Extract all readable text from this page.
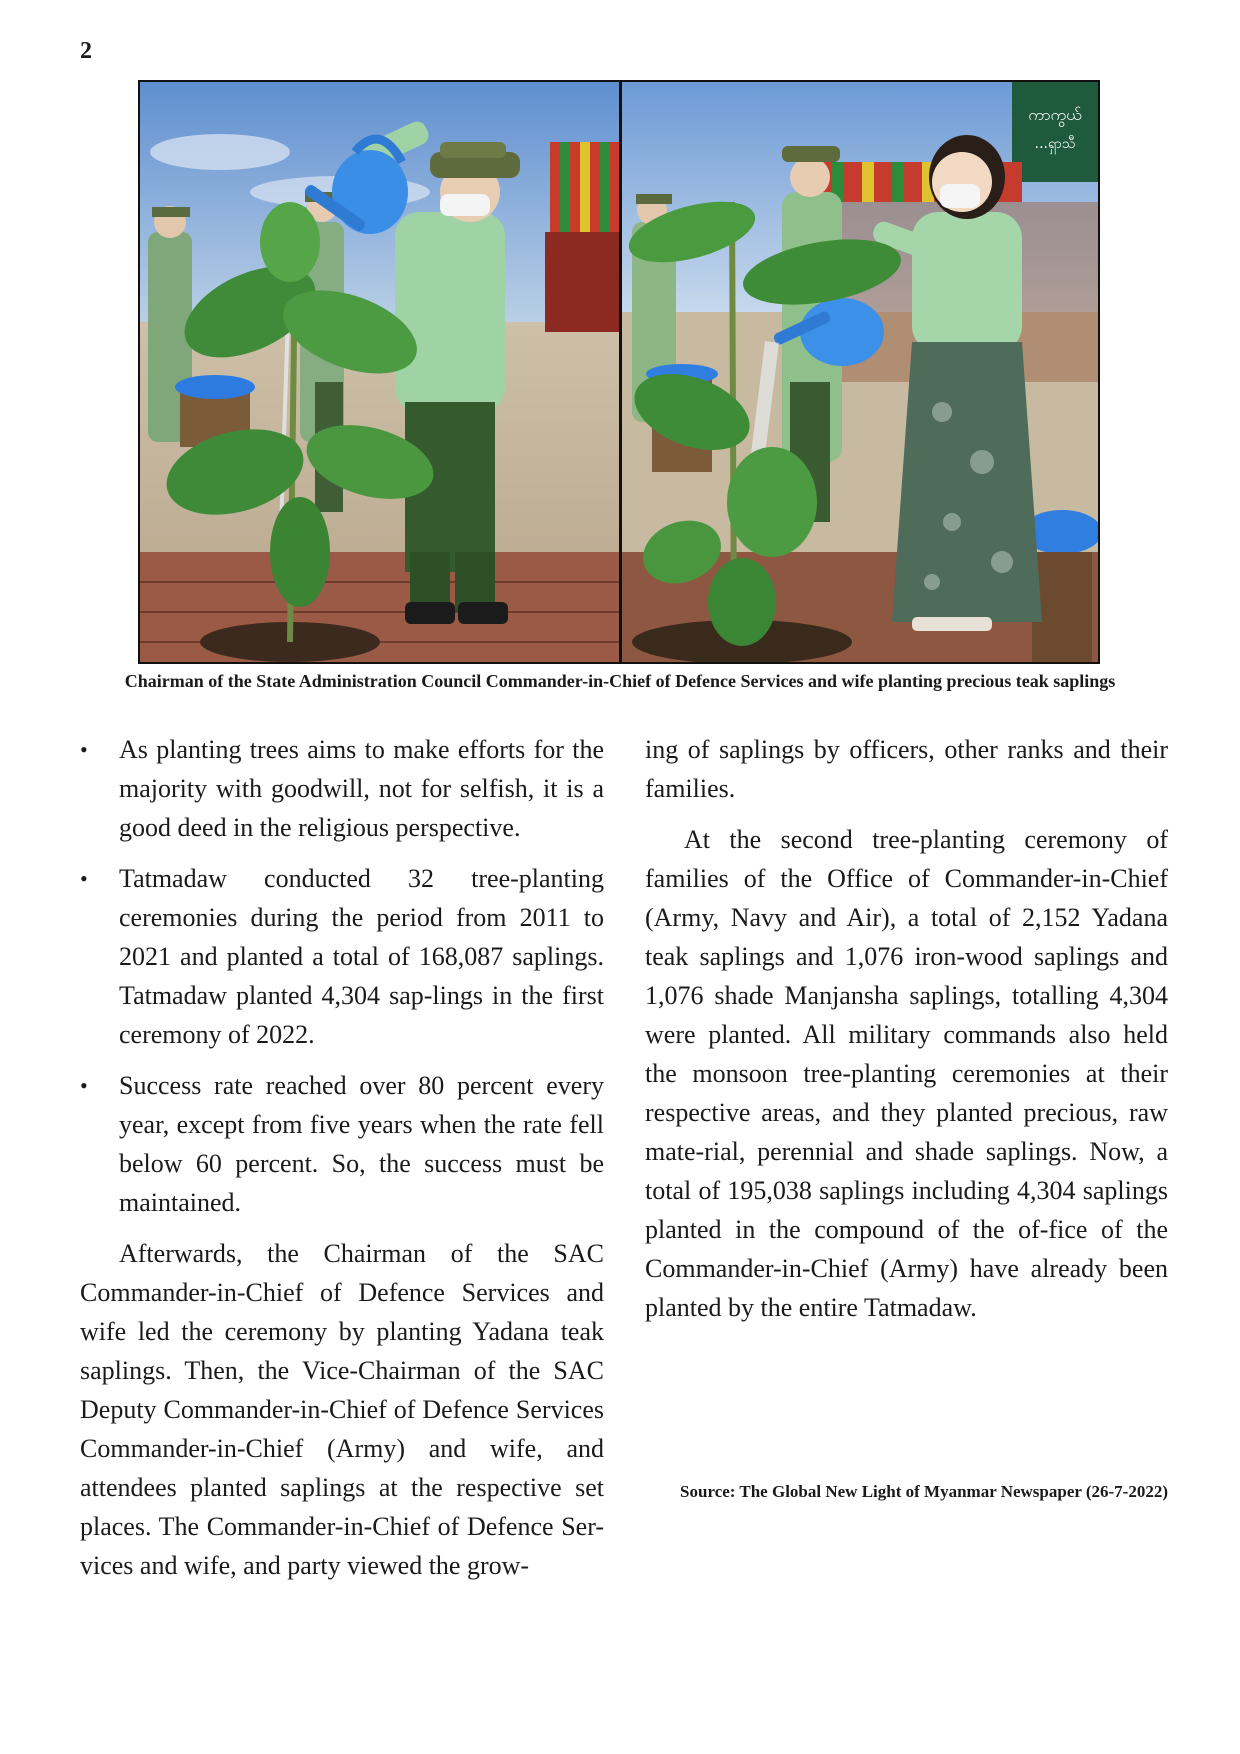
2
ကာကွယ်
...ရှာသီ
Chairman of the State Administration Council Commander-in-Chief of Defence Services and wife planting precious teak saplings
• As planting trees aims to make efforts for the majority with goodwill, not for selfish, it is a good deed in the religious perspective.
• Tatmadaw conducted 32 tree-planting ceremonies during the period from 2011 to 2021 and planted a total of 168,087 saplings. Tatmadaw planted 4,304 sap-lings in the first ceremony of 2022.
• Success rate reached over 80 percent every year, except from five years when the rate fell below 60 percent. So, the success must be maintained.

Afterwards, the Chairman of the SAC Commander-in-Chief of Defence Services and wife led the ceremony by planting Yadana teak saplings. Then, the Vice-Chairman of the SAC Deputy Commander-in-Chief of Defence Services Commander-in-Chief (Army) and wife, and attendees planted saplings at the respective set places. The Commander-in-Chief of Defence Ser-vices and wife, and party viewed the grow-

ing of saplings by officers, other ranks and their families.

At the second tree-planting ceremony of families of the Office of Commander-in-Chief (Army, Navy and Air), a total of 2,152 Yadana teak saplings and 1,076 iron-wood saplings and 1,076 shade Manjansha saplings, totalling 4,304 were planted. All military commands also held the monsoon tree-planting ceremonies at their respective areas, and they planted precious, raw mate-rial, perennial and shade saplings. Now, a total of 195,038 saplings including 4,304 saplings planted in the compound of the of-fice of the Commander-in-Chief (Army) have already been planted by the entire Tatmadaw.

Source: The Global New Light of Myanmar Newspaper (26-7-2022)
